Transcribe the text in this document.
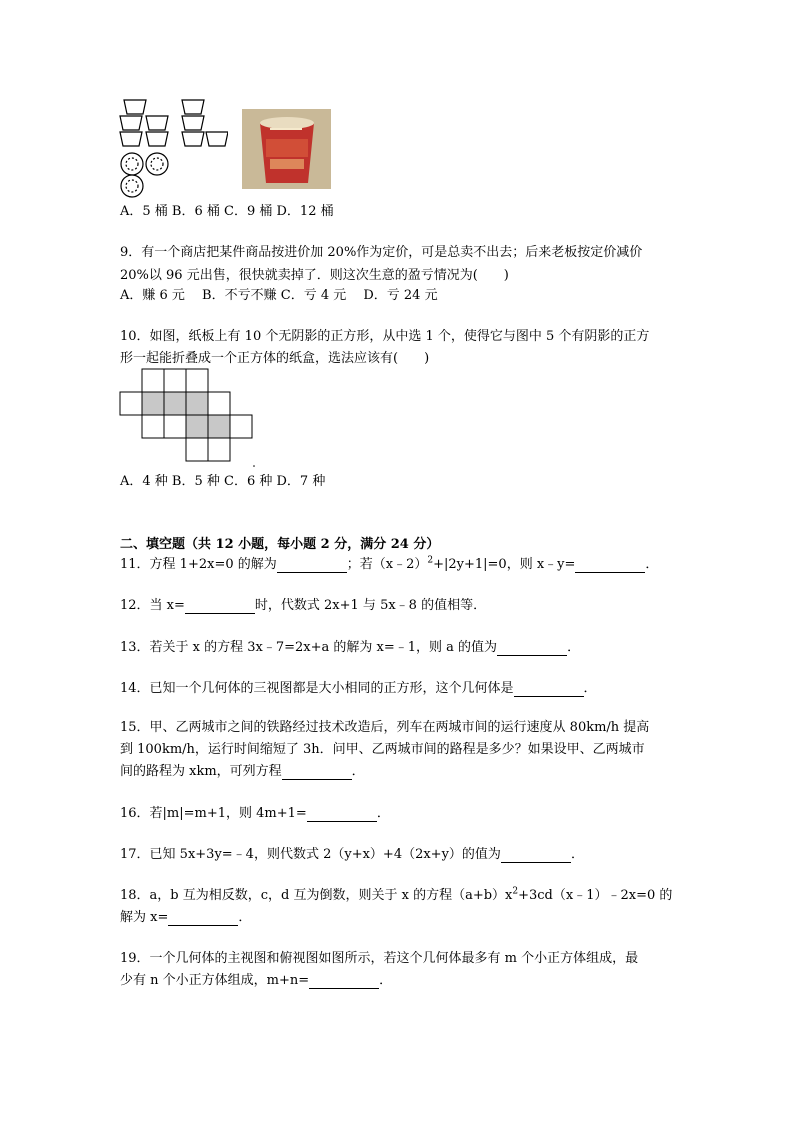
A．5 桶 B．6 桶 C．9 桶 D．12 桶
9．有一个商店把某件商品按进价加 20%作为定价，可是总卖不出去；后来老板按定价减价
20%以 96 元出售，很快就卖掉了．则这次生意的盈亏情况为(　　)
A．赚 6 元　 B．不亏不赚 C．亏 4 元　 D．亏 24 元
10．如图，纸板上有 10 个无阴影的正方形，从中选 1 个，使得它与图中 5 个有阴影的正方
形一起能折叠成一个正方体的纸盒，选法应该有(　　)
A．4 种 B．5 种 C．6 种 D．7 种
二、填空题（共 12 小题，每小题 2 分，满分 24 分）
11．方程 1+2x=0 的解为	；若（x﹣2）$^2$+|2y+1|=0，则 x﹣y=	．
12．当 x=	时，代数式 2x+1 与 5x﹣8 的值相等．
13．若关于 x 的方程 3x﹣7=2x+a 的解为 x=﹣1，则 a 的值为	．
14．已知一个几何体的三视图都是大小相同的正方形，这个几何体是	．
15．甲、乙两城市之间的铁路经过技术改造后，列车在两城市间的运行速度从 80km/h 提高
到 100km/h，运行时间缩短了 3h．问甲、乙两城市间的路程是多少？如果设甲、乙两城市
间的路程为 xkm，可列方程	．
16．若|m|=m+1，则 4m+1=	．
17．已知 5x+3y=﹣4，则代数式 2（y+x）+4（2x+y）的值为	．
18．a，b 互为相反数，c，d 互为倒数，则关于 x 的方程$(a+b)x^2+3cd(x﹣1)﹣2x=0$ 的
解为 x=	．
19．一个几何体的主视图和俯视图如图所示，若这个几何体最多有 m 个小正方体组成，最
少有 n 个小正方体组成，m+n=	．
